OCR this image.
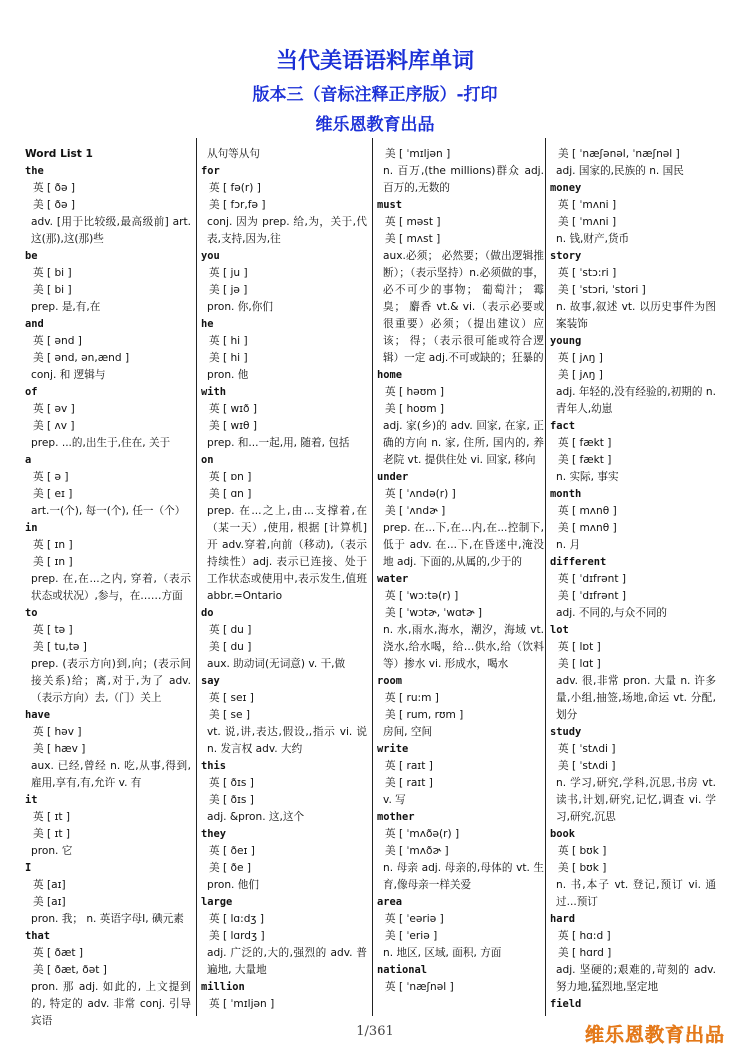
当代美语语料库单词
版本三（音标注释正序版）-打印
维乐恩教育出品
Word List 1
the
英 [ ðə ]
美 [ ðə ]
adv. [用于比较级,最高级前] art. 这(那),这(那)些
be
英 [ bi ]
美 [ bi ]
prep. 是,有,在
and
英 [ ənd ]
美 [ ənd, ən,ænd ]
conj. 和 逻辑与
of
英 [ əv ]
美 [ ʌv ]
prep. ...的,出生于,住在, 关于
a
英 [ ə ]
美 [ eɪ ]
art.一(个), 每一(个), 任一（个）
in
英 [ ɪn ]
美 [ ɪn ]
prep. 在,在...之内, 穿着,（表示状态或状况）,参与，在……方面
to
英 [ tə ]
美 [ tu,tə ]
prep. (表示方向)到,向；(表示间接关系)给；离,对于,为了 adv.（表示方向）去,（门）关上
have
英 [ həv ]
美 [ hæv ]
aux. 已经,曾经 n. 吃,从事,得到,雇用,享有,有,允许 v. 有
it
英 [ ɪt ]
美 [ ɪt ]
pron. 它
I
英 [aɪ]
美 [aɪ]
pron. 我； n. 英语字母I, 碘元素
that
英 [ ðæt ]
美 [ ðæt, ðət ]
pron. 那 adj. 如此的, 上文提到的, 特定的 adv. 非常 conj. 引导宾语
从句等从句
for
英 [ fə(r) ]
美 [ fɔr,fə ]
conj. 因为 prep. 给,为，关于,代表,支持,因为,往
you
英 [ ju ]
美 [ jə ]
pron. 你,你们
he
英 [ hi ]
美 [ hi ]
pron. 他
with
英 [ wɪð ]
美 [ wɪθ ]
prep. 和...一起,用, 随着, 包括
on
英 [ ɒn ]
美 [ ɑn ]
prep. 在...之上,由...支撑着,在（某一天）,使用, 根据 [计算机] 开 adv.穿着,向前（移动),（表示持续性）adj. 表示已连接、处于工作状态或使用中,表示发生,值班 abbr.=Ontario
do
英 [ du ]
美 [ du ]
aux. 助动词(无词意) v. 干,做
say
英 [ seɪ ]
美 [ se ]
vt. 说,讲,表达,假设,,指示 vi. 说 n. 发言权 adv. 大约
this
英 [ ðɪs ]
美 [ ðɪs ]
adj. &pron. 这,这个
they
英 [ ðeɪ ]
美 [ ðe ]
pron. 他们
large
英 [ lɑ:dʒ ]
美 [ lɑrdʒ ]
adj. 广泛的,大的,强烈的 adv. 普遍地, 大量地
million
英 [ ˈmɪljən ]
美 [ ˈmɪljən ]
n. 百万,(the millions)群众 adj. 百万的,无数的
must
英 [ məst ]
美 [ mʌst ]
aux.必须； 必然要；（做出逻辑推断）；（表示坚持）n.必须做的事，必不可少的事物； 葡萄汁； 霉臭； 麝香 vt.& vi.（表示必要或很重要）必须；（提出建议）应该； 得；（表示很可能或符合逻辑）一定 adj.不可或缺的；狂暴的
home
英 [ həʊm ]
美 [ hoʊm ]
adj. 家(乡)的 adv. 回家, 在家, 正确的方向 n. 家, 住所, 国内的, 养老院 vt. 提供住处 vi. 回家, 移向
under
英 [ ˈʌndə(r) ]
美 [ ˈʌndɚ ]
prep. 在...下,在...内,在...控制下,低于 adv. 在...下,在昏迷中,淹没地 adj. 下面的,从属的,少于的
water
英 [ ˈwɔ:tə(r) ]
美 [ ˈwɔtɚ, ˈwɑtɚ ]
n. 水,雨水,海水，潮汐，海域 vt. 浇水,给水喝，给…供水,给（饮料等）掺水 vi. 形成水，喝水
room
英 [ ru:m ]
美 [ rum, rʊm ]
房间, 空间
write
英 [ raɪt ]
美 [ raɪt ]
v. 写
mother
英 [ ˈmʌðə(r) ]
美 [ ˈmʌðɚ ]
n. 母亲 adj. 母亲的,母体的 vt. 生育,像母亲一样关爱
area
英 [ ˈeəriə ]
美 [ ˈeriə ]
n. 地区, 区域, 面积, 方面
national
英 [ ˈnæʃnəl ]
美 [ ˈnæʃənəl, ˈnæʃnəl ]
adj. 国家的,民族的 n. 国民
money
英 [ ˈmʌni ]
美 [ ˈmʌni ]
n. 钱,财产,货币
story
英 [ ˈstɔ:ri ]
美 [ ˈstɔri, ˈstori ]
n. 故事,叙述 vt. 以历史事件为图案装饰
young
英 [ jʌŋ ]
美 [ jʌŋ ]
adj. 年轻的,没有经验的,初期的 n. 青年人,幼崽
fact
英 [ fækt ]
美 [ fækt ]
n. 实际, 事实
month
英 [ mʌnθ ]
美 [ mʌnθ ]
n. 月
different
英 [ ˈdɪfrənt ]
美 [ ˈdɪfrənt ]
adj. 不同的,与众不同的
lot
英 [ lɒt ]
美 [ lɑt ]
adv. 很,非常 pron. 大量 n. 许多量,小组,抽签,场地,命运 vt. 分配,划分
study
英 [ ˈstʌdi ]
美 [ ˈstʌdi ]
n. 学习,研究,学科,沉思,书房 vt. 读书,计划,研究,记忆,调查 vi. 学习,研究,沉思
book
英 [ bʊk ]
美 [ bʊk ]
n. 书,本子 vt. 登记,预订 vi. 通过...预订
hard
英 [ hɑ:d ]
美 [ hɑrd ]
adj. 坚硬的;艰难的,苛刻的 adv. 努力地,猛烈地,坚定地
field
1/361	维乐恩教育出品
